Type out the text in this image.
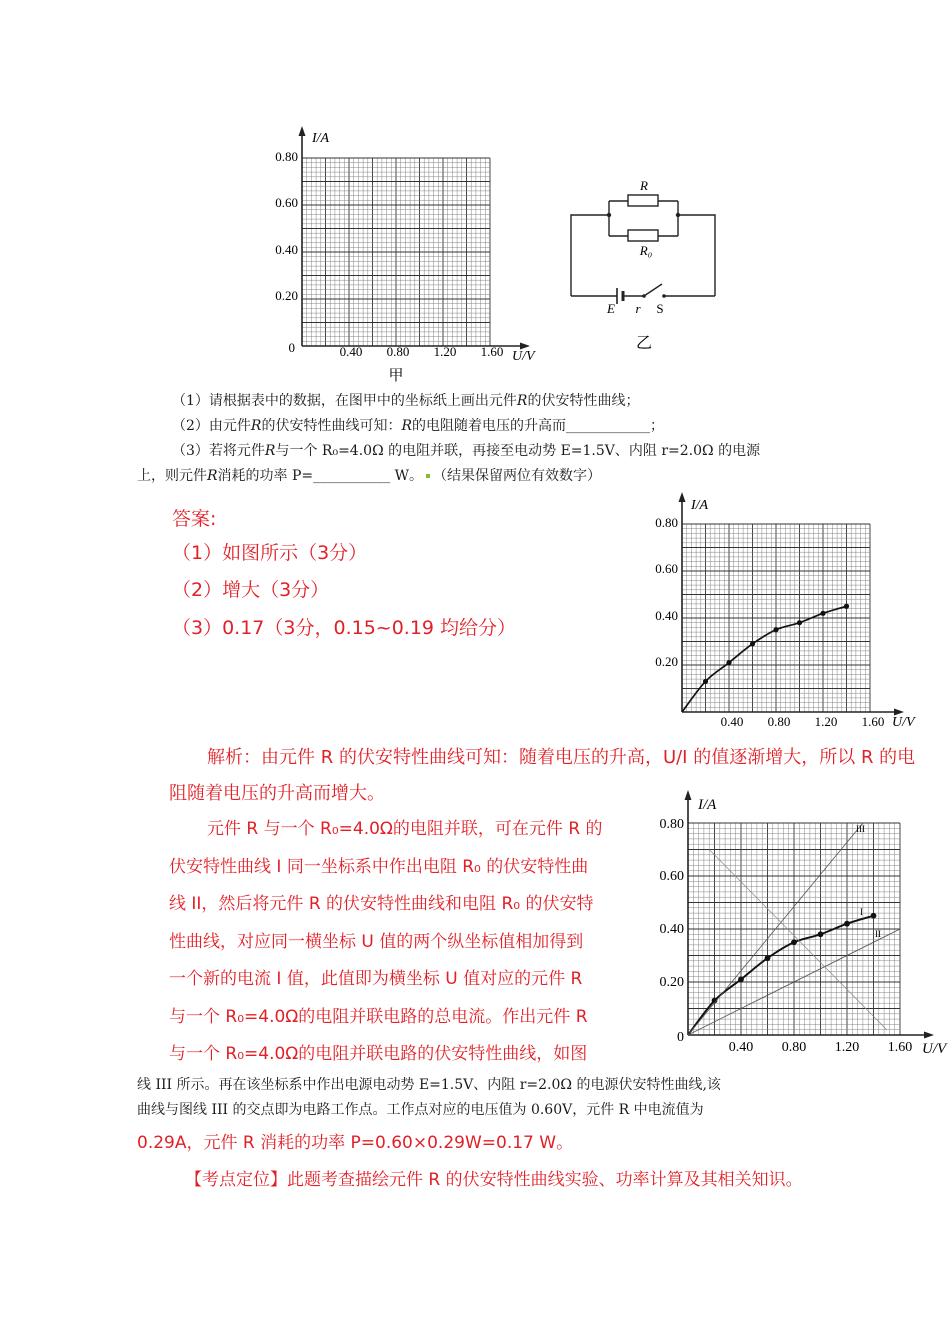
I/A
U/V
0.80
0.60
0.40
0.20
0	0.40 0.80 1.20 1.60
甲
R
R₀
E r S
乙
（1）请根据表中的数据，在图甲中的坐标纸上画出元件R的伏安特性曲线；
（2）由元件R的伏安特性曲线可知：R的电阻随着电压的升高而____________；
（3）若将元件R与一个 R₀=4.0Ω 的电阻并联，再接至电动势 E=1.5V、内阻 r=2.0Ω 的电源
上，则元件R消耗的功率 P=___________ W。 （结果保留两位有效数字）
答案:
（1）如图所示（3分）
（2）增大（3分）
（3）0.17（3分，0.15~0.19 均给分）
I/A
U/V
0.80
0.60
0.40
0.20
0.40 0.80 1.20 1.60
解析：由元件 R 的伏安特性曲线可知：随着电压的升高，U/I 的值逐渐增大，所以 R 的电
阻随着电压的升高而增大。
元件 R 与一个 R₀=4.0Ω的电阻并联，可在元件 R 的
伏安特性曲线 I 同一坐标系中作出电阻 R₀ 的伏安特性曲
线 II，然后将元件 R 的伏安特性曲线和电阻 R₀ 的伏安特
性曲线，对应同一横坐标 U 值的两个纵坐标值相加得到
一个新的电流 I 值，此值即为横坐标 U 值对应的元件 R
与一个 R₀=4.0Ω的电阻并联电路的总电流。作出元件 R
与一个 R₀=4.0Ω的电阻并联电路的伏安特性曲线，如图
I/A
U/V
0.80
0.60
0.40
0.20
0
0.40 0.80 1.20 1.60
III
I
II
线 III 所示。再在该坐标系中作出电源电动势 E=1.5V、内阻 r=2.0Ω 的电源伏安特性曲线,该
曲线与图线 III 的交点即为电路工作点。工作点对应的电压值为 0.60V，元件 R 中电流值为
0.29A，元件 R 消耗的功率 P=0.60×0.29W=0.17 W。
【考点定位】此题考查描绘元件 R 的伏安特性曲线实验、功率计算及其相关知识。
